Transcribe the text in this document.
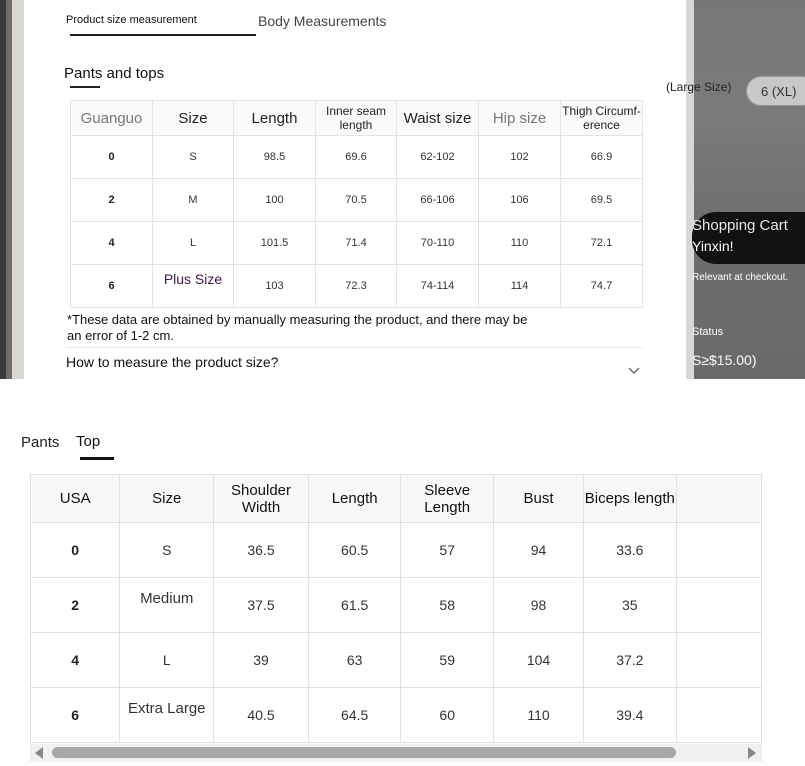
(Large Size)	6 (XL)
Shopping Cart
Yinxin!
Relevant at checkout.
Status
S≥$15.00)
Product size measurement	Body Measurements
Pants and tops
Guanguo	Size	Length	Inner seam length	Waist size	Hip size	Thigh Circumf-erence
0	S	98.5	69.6	62-102	102	66.9
2	M	100	70.5	66-106	106	69.5
4	L	101.5	71.4	70-110	110	72.1
6	Plus Size	103	72.3	74-114	114	74.7

*These data are obtained by manually measuring the product, and there may be an error of 1-2 cm.

How to measure the product size?

Pants Top
USA	Size	Shoulder Width	Length	Sleeve Length	Bust	Biceps length	
0	S	36.5	60.5	57	94	33.6	
2	Medium	37.5	61.5	58	98	35	
4	L	39	63	59	104	37.2	
6	Extra Large	40.5	64.5	60	110	39.4	
